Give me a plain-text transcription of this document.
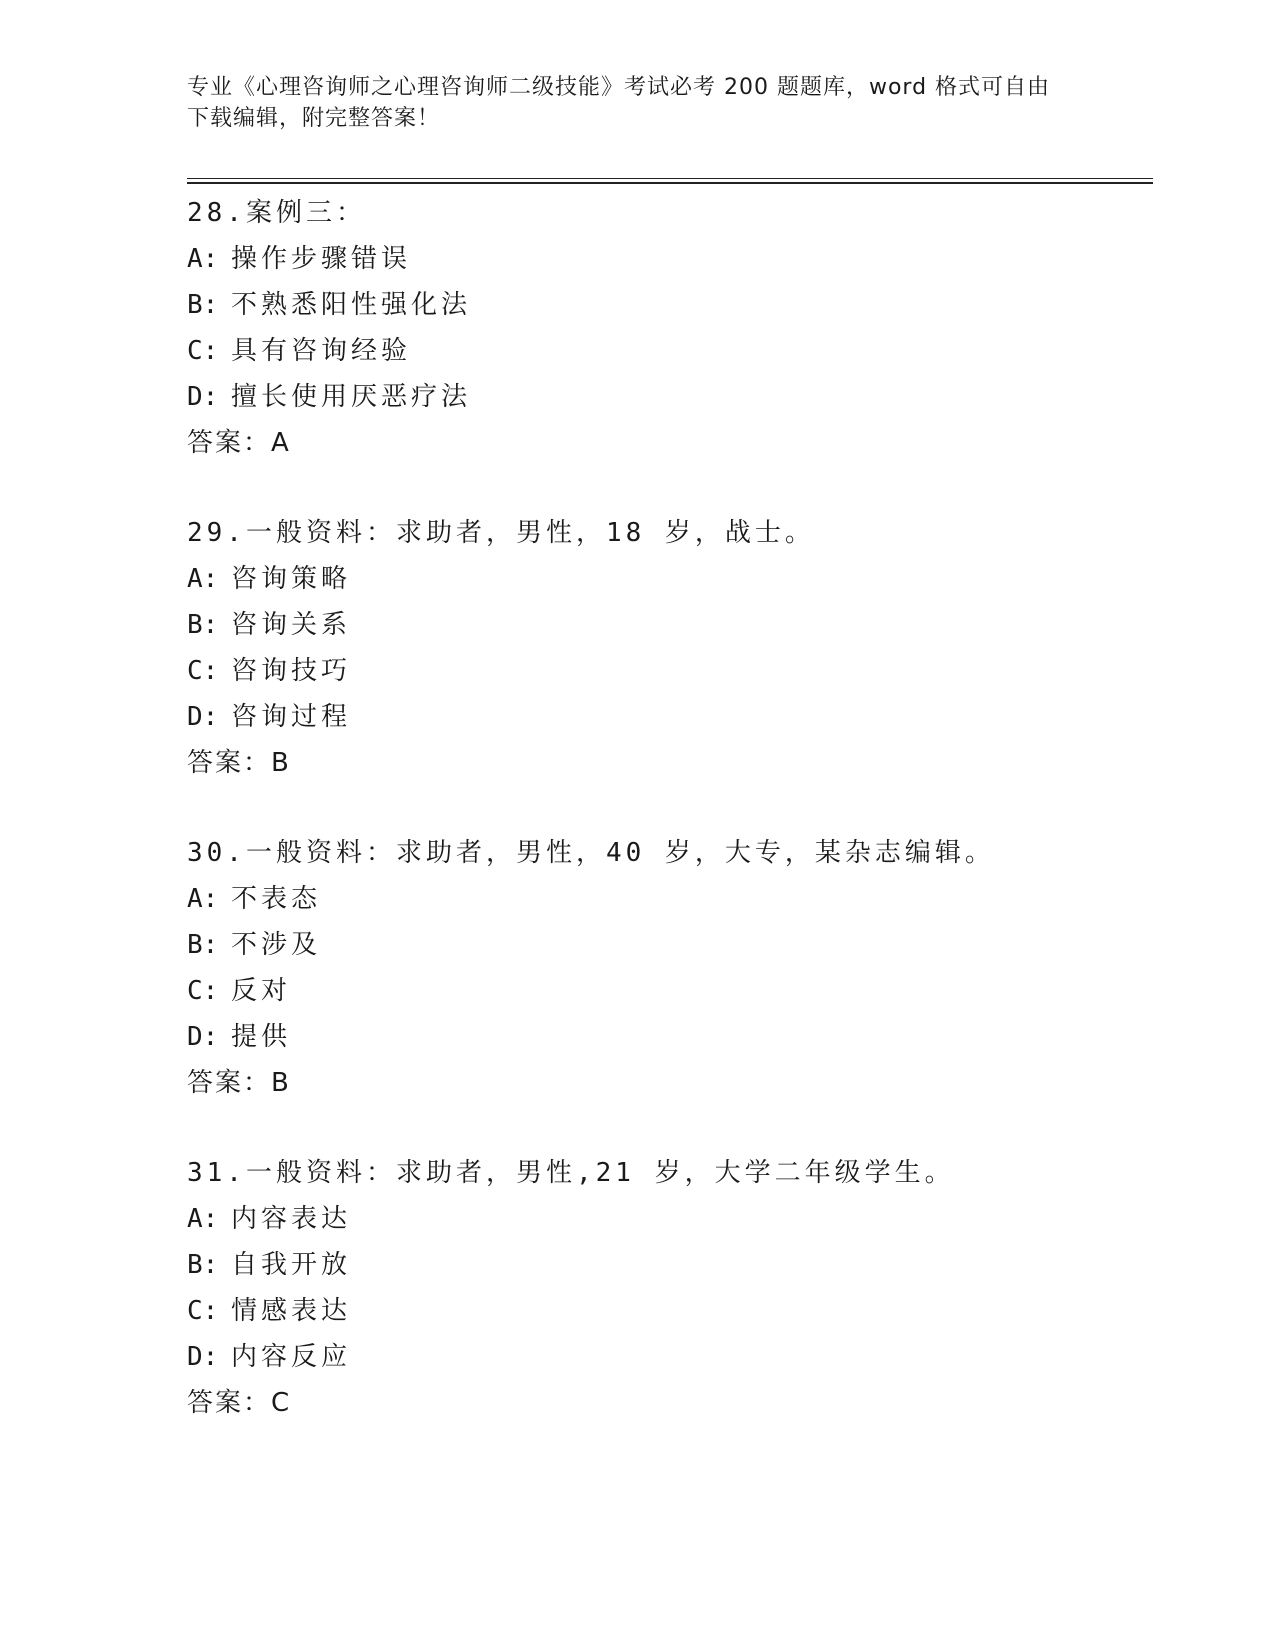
专业《心理咨询师之心理咨询师二级技能》考试必考 200 题题库，word 格式可自由下载编辑，附完整答案！
28.案例三：
A: 操作步骤错误
B: 不熟悉阳性强化法
C: 具有咨询经验
D: 擅长使用厌恶疗法
答案：A
29.一般资料：求助者，男性，18 岁，战士。
A: 咨询策略
B: 咨询关系
C: 咨询技巧
D: 咨询过程
答案：B
30.一般资料：求助者，男性，40 岁，大专，某杂志编辑。
A: 不表态
B: 不涉及
C: 反对
D: 提供
答案：B
31.一般资料：求助者，男性,21 岁，大学二年级学生。
A: 内容表达
B: 自我开放
C: 情感表达
D: 内容反应
答案：C
